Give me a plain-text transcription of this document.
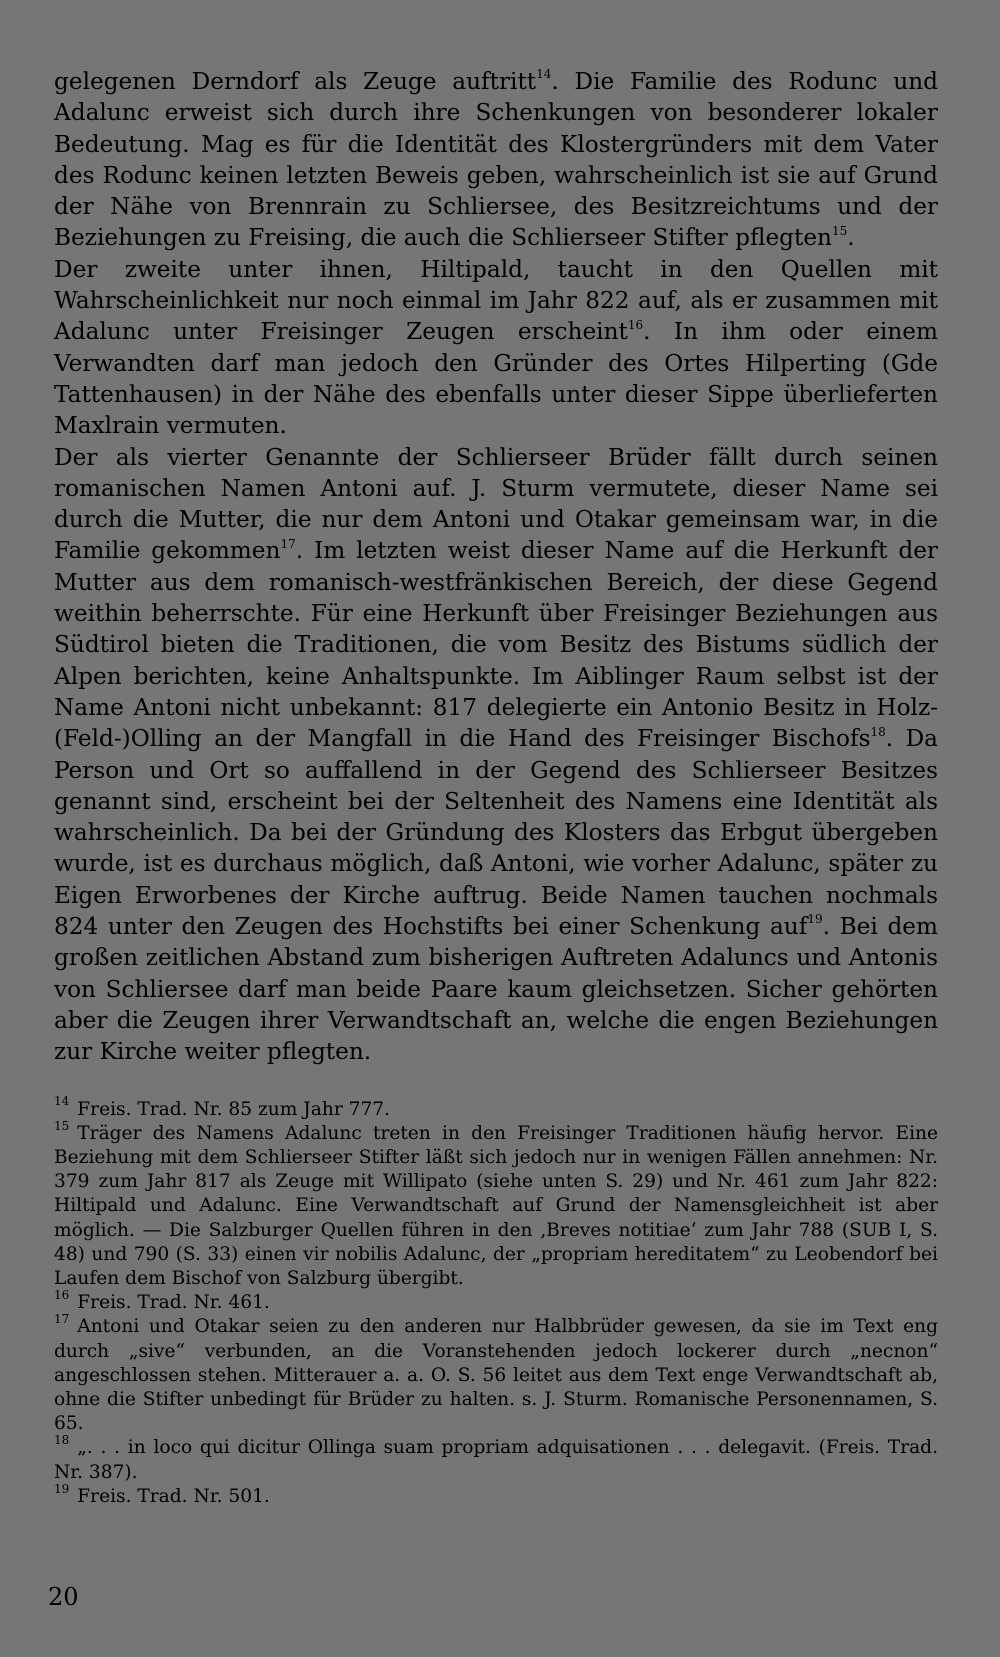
gelegenen Derndorf als Zeuge auftritt$^{14}$. Die Familie des Rodunc und Adalunc erweist sich durch ihre Schenkungen von besonderer lokaler Bedeutung. Mag es für die Identität des Klostergründers mit dem Vater des Rodunc keinen letzten Beweis geben, wahrscheinlich ist sie auf Grund der Nähe von Brennrain zu Schliersee, des Besitzreichtums und der Beziehungen zu Freising, die auch die Schlierseer Stifter pflegten$^{15}$.

Der zweite unter ihnen, Hiltipald, taucht in den Quellen mit Wahrscheinlichkeit nur noch einmal im Jahr 822 auf, als er zusammen mit Adalunc unter Freisinger Zeugen erscheint$^{16}$. In ihm oder einem Verwandten darf man jedoch den Gründer des Ortes Hilperting (Gde Tattenhausen) in der Nähe des ebenfalls unter dieser Sippe überlieferten Maxlrain vermuten.

Der als vierter Genannte der Schlierseer Brüder fällt durch seinen romanischen Namen Antoni auf. J. Sturm vermutete, dieser Name sei durch die Mutter, die nur dem Antoni und Otakar gemeinsam war, in die Familie gekommen$^{17}$. Im letzten weist dieser Name auf die Herkunft der Mutter aus dem romanisch-westfränkischen Bereich, der diese Gegend weithin beherrschte. Für eine Herkunft über Freisinger Beziehungen aus Südtirol bieten die Traditionen, die vom Besitz des Bistums südlich der Alpen berichten, keine Anhaltspunkte. Im Aiblinger Raum selbst ist der Name Antoni nicht unbekannt: 817 delegierte ein Antonio Besitz in Holz- (Feld-)Olling an der Mangfall in die Hand des Freisinger Bischofs$^{18}$. Da Person und Ort so auffallend in der Gegend des Schlierseer Besitzes genannt sind, erscheint bei der Seltenheit des Namens eine Identität als wahrscheinlich. Da bei der Gründung des Klosters das Erbgut übergeben wurde, ist es durchaus möglich, daß Antoni, wie vorher Adalunc, später zu Eigen Erworbenes der Kirche auftrug. Beide Namen tauchen nochmals 824 unter den Zeugen des Hochstifts bei einer Schenkung auf$^{19}$. Bei dem großen zeitlichen Abstand zum bisherigen Auftreten Adaluncs und Antonis von Schliersee darf man beide Paare kaum gleichsetzen. Sicher gehörten aber die Zeugen ihrer Verwandtschaft an, welche die engen Beziehungen zur Kirche weiter pflegten.

$^{14}$ Freis. Trad. Nr. 85 zum Jahr 777.

$^{15}$ Träger des Namens Adalunc treten in den Freisinger Traditionen häufig hervor. Eine Beziehung mit dem Schlierseer Stifter läßt sich jedoch nur in wenigen Fällen annehmen: Nr. 379 zum Jahr 817 als Zeuge mit Willipato (siehe unten S. 29) und Nr. 461 zum Jahr 822: Hiltipald und Adalunc. Eine Verwandtschaft auf Grund der Namensgleichheit ist aber möglich. — Die Salzburger Quellen führen in den ‚Breves notitiae‘ zum Jahr 788 (SUB I, S. 48) und 790 (S. 33) einen vir nobilis Adalunc, der „propriam hereditatem“ zu Leobendorf bei Laufen dem Bischof von Salzburg übergibt.

$^{16}$ Freis. Trad. Nr. 461.

$^{17}$ Antoni und Otakar seien zu den anderen nur Halbbrüder gewesen, da sie im Text eng durch „sive“ verbunden, an die Voranstehenden jedoch lockerer durch „necnon“ angeschlossen stehen. Mitterauer a. a. O. S. 56 leitet aus dem Text enge Verwandtschaft ab, ohne die Stifter unbedingt für Brüder zu halten. s. J. Sturm. Romanische Personennamen, S. 65.

$^{18}$ „. . . in loco qui dicitur Ollinga suam propriam adquisationen . . . delegavit. (Freis. Trad. Nr. 387).

$^{19}$ Freis. Trad. Nr. 501.

20
